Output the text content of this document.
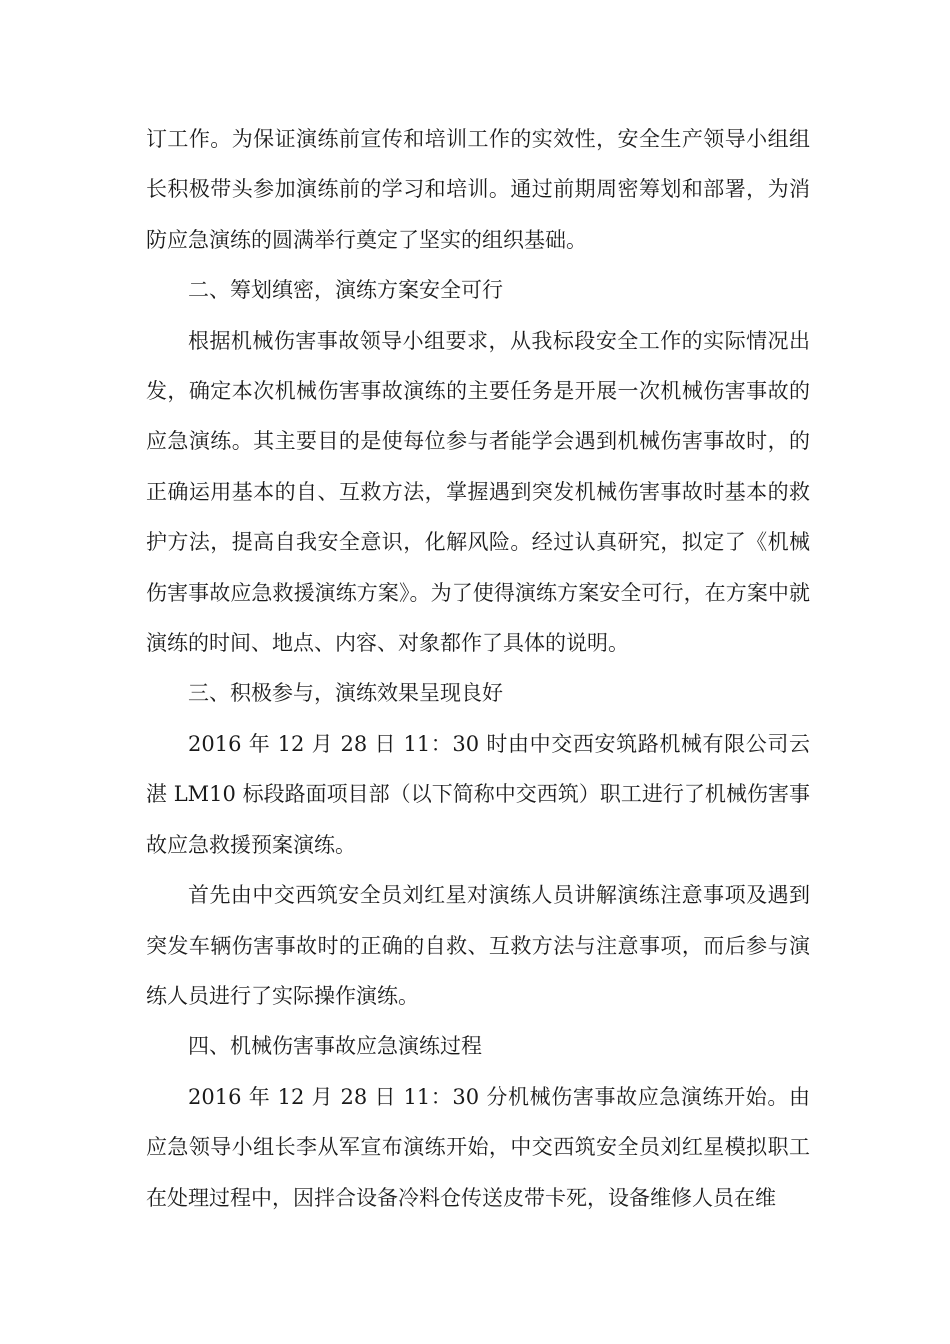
订工作。为保证演练前宣传和培训工作的实效性，安全生产领导小组组长积极带头参加演练前的学习和培训。通过前期周密筹划和部署，为消防应急演练的圆满举行奠定了坚实的组织基础。

二、筹划缜密，演练方案安全可行

根据机械伤害事故领导小组要求，从我标段安全工作的实际情况出发，确定本次机械伤害事故演练的主要任务是开展一次机械伤害事故的应急演练。其主要目的是使每位参与者能学会遇到机械伤害事故时，的正确运用基本的自、互救方法，掌握遇到突发机械伤害事故时基本的救护方法，提高自我安全意识，化解风险。经过认真研究，拟定了《机械伤害事故应急救援演练方案》。为了使得演练方案安全可行，在方案中就演练的时间、地点、内容、对象都作了具体的说明。

三、积极参与，演练效果呈现良好

2016 年 12 月 28 日 11：30 时由中交西安筑路机械有限公司云湛 LM10 标段路面项目部（以下简称中交西筑）职工进行了机械伤害事故应急救援预案演练。

首先由中交西筑安全员刘红星对演练人员讲解演练注意事项及遇到突发车辆伤害事故时的正确的自救、互救方法与注意事项，而后参与演练人员进行了实际操作演练。

四、机械伤害事故应急演练过程

2016 年 12 月 28 日 11：30 分机械伤害事故应急演练开始。由应急领导小组长李从军宣布演练开始，中交西筑安全员刘红星模拟职工在处理过程中，因拌合设备冷料仓传送皮带卡死，设备维修人员在维
